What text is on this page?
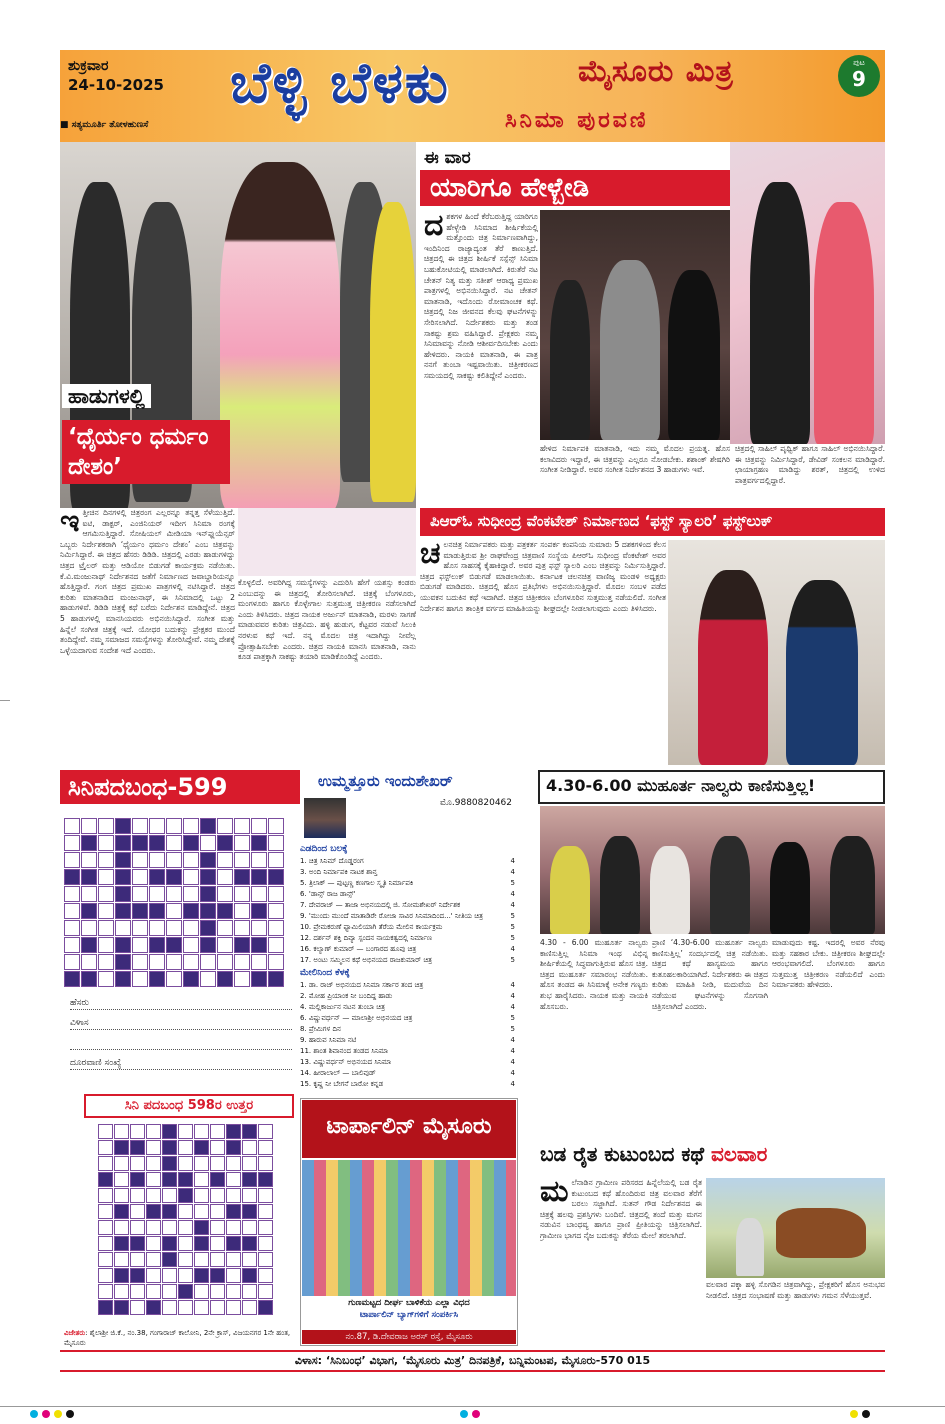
ಶುಕ್ರವಾರ
24-10-2025
■ ಸತ್ಯಮೂರ್ತಿ ತೋಳಹುಣಸೆ
ಬೆಳ್ಳಿ ಬೆಳಕು
ಸಿನಿಮಾ ಪುರವಣಿ
ಮೈಸೂರು ಮಿತ್ರ	ಪುಟ
9
ಹಾಡುಗಳಲ್ಲಿ
‘ಧೈರ್ಯಂ ಧರ್ಮಂ ದೇಶಂ’
ಈ ವಾರ
ಯಾರಿಗೂ ಹೇಳ್ಬೇಡಿ
ದಶಕಗಳ ಹಿಂದೆ ಕೆರೆಬರುತ್ತಿದ್ದ ಯಾರಿಗೂ ಹೇಳ್ಬೇಡಿ ಸಿನಿಮಾದ ಶೀರ್ಷಿಕೆಯಲ್ಲಿ ಮತ್ತೊಂದು ಚಿತ್ರ ನಿರ್ಮಾಣವಾಗಿದ್ದು, ಇಂದಿನಿಂದ ರಾಜ್ಯಾದ್ಯಂತ ತೆರೆ ಕಾಣುತ್ತಿದೆ. ಚಿತ್ರದಲ್ಲಿ ಈ ಚಿತ್ರದ ಶೀರ್ಷಿಕೆ ಸಸ್ಪೆನ್ಸ್ ಸಿನಿಮಾ ಬಹುಕೋಟಿಯಲ್ಲಿ ಮಾಡಲಾಗಿದೆ. ಕಿರುತೆರೆ ನಟ ಚೇತನ್ ನಿತ್ಯ ಮತ್ತು ಸತೀಶ್ ಆರಾಧ್ಯ ಪ್ರಮುಖ ಪಾತ್ರಗಳಲ್ಲಿ ಅಭಿನಯಿಸಿದ್ದಾರೆ. ನಟ ಚೇತನ್ ಮಾತನಾಡಿ, ಇದೊಂದು ರೋಮಾಂಚಕ ಕಥೆ. ಚಿತ್ರದಲ್ಲಿ ನಿಜ ಜೀವನದ ಕೆಲವು ಘಟನೆಗಳನ್ನು ಸೇರಿಸಲಾಗಿದೆ. ನಿರ್ದೇಶಕರು ಮತ್ತು ತಂಡ ಸಾಕಷ್ಟು ಶ್ರಮ ವಹಿಸಿದ್ದಾರೆ. ಪ್ರೇಕ್ಷಕರು ನಮ್ಮ ಸಿನಿಮಾವನ್ನು ನೋಡಿ ಆಶೀರ್ವದಿಸಬೇಕು ಎಂದು ಹೇಳಿದರು. ನಾಯಕಿ ಮಾತನಾಡಿ, ಈ ಪಾತ್ರ ನನಗೆ ತುಂಬಾ ಇಷ್ಟವಾಯಿತು. ಚಿತ್ರೀಕರಣದ ಸಮಯದಲ್ಲಿ ಸಾಕಷ್ಟು ಕಲಿತಿದ್ದೇನೆ ಎಂದರು.
ಹೇಳಿದ ನಿರ್ಮಾಪಕಿ ಮಾತನಾಡಿ, ಇದು ನಮ್ಮ ಮೊದಲ ಪ್ರಯತ್ನ. ಹೊಸ ಕಲಾವಿದರು ಇದ್ದಾರೆ, ಈ ಚಿತ್ರವನ್ನು ಎಲ್ಲರೂ ನೋಡಬೇಕು. ಶಶಾಂಕ್ ಶೇಷಗಿರಿ ಸಂಗೀತ ನೀಡಿದ್ದಾರೆ. ಅವರ ಸಂಗೀತ ನಿರ್ದೇಶನದ 3 ಹಾಡುಗಳು ಇವೆ.
ಚಿತ್ರದಲ್ಲಿ ಸಾಹಿಲ್ ಪೃಥ್ವಿಕ್ ಹಾಗೂ ಸಾಹಿಲ್ ಅಭಿನಯಿಸಿದ್ದಾರೆ. ಈ ಚಿತ್ರವನ್ನು ನಿರ್ಮಿಸಿದ್ದಾರೆ, ಡೇವಿಡ್ ಸಂಕಲನ ಮಾಡಿದ್ದಾರೆ. ಛಾಯಾಗ್ರಹಣ ಮಾಡಿದ್ದು ಶರತ್, ಚಿತ್ರದಲ್ಲಿ ಉಳಿದ ಪಾತ್ರವರ್ಗದಲ್ಲಿದ್ದಾರೆ.
ಇತ್ತೀಚಿನ ದಿನಗಳಲ್ಲಿ ಚಿತ್ರರಂಗ ಎಲ್ಲರನ್ನೂ ತನ್ನತ್ತ ಸೆಳೆಯುತ್ತಿದೆ. ಐಟಿ, ಡಾಕ್ಟರ್, ಎಂಜಿನಿಯರ್ ಇದೀಗ ಸಿನಿಮಾ ರಂಗಕ್ಕೆ ಆಗಮಿಸುತ್ತಿದ್ದಾರೆ. ಸೋಷಿಯಲ್ ಮೀಡಿಯಾ ಇನ್‌ಫ್ಲುಯೆನ್ಸರ್ ಒಬ್ಬರು ನಿರ್ದೇಶಕರಾಗಿ ‘ಧೈರ್ಯಂ ಧರ್ಮಂ ದೇಶಂ’ ಎಂಬ ಚಿತ್ರವನ್ನು ನಿರ್ಮಿಸಿದ್ದಾರೆ. ಈ ಚಿತ್ರದ ಹೆಸರು ಡಿಡಿಡಿ. ಚಿತ್ರದಲ್ಲಿ ಎರಡು ಹಾಡುಗಳಿದ್ದು ಚಿತ್ರದ ಟ್ರೈಲರ್ ಮತ್ತು ಆಡಿಯೋ ಬಿಡುಗಡೆ ಕಾರ್ಯಕ್ರಮ ನಡೆಯಿತು. ಕೆ.ವಿ.ಮಂಜುನಾಥ್ ನಿರ್ದೇಶನದ ಜತೆಗೆ ನಿರ್ಮಾಣದ ಜವಾಬ್ದಾರಿಯನ್ನೂ ಹೊತ್ತಿದ್ದಾರೆ. ಗಂಗ ಚಿತ್ರದ ಪ್ರಮುಖ ಪಾತ್ರಗಳಲ್ಲಿ ನಟಿಸಿದ್ದಾರೆ. ಚಿತ್ರದ ಕುರಿತು ಮಾತನಾಡಿದ ಮಂಜುನಾಥ್, ಈ ಸಿನಿಮಾದಲ್ಲಿ ಒಟ್ಟು 2 ಹಾಡುಗಳಿವೆ. ಡಿಡಿಡಿ ಚಿತ್ರಕ್ಕೆ ಕಥೆ ಬರೆದು ನಿರ್ದೇಶನ ಮಾಡಿದ್ದೇನೆ. ಚಿತ್ರದ 5 ಹಾಡುಗಳಲ್ಲಿ ಮಾನಸಿಯವರು ಅಭಿನಯಿಸಿದ್ದಾರೆ. ಸಂಗೀತ ಮತ್ತು ಹಿನ್ನೆಲೆ ಸಂಗೀತ ಚಿತ್ರಕ್ಕೆ ಇದೆ. ಯೋಧರ ಬದುಕನ್ನು ಪ್ರೇಕ್ಷಕರ ಮುಂದೆ ತಂದಿದ್ದೇವೆ. ನಮ್ಮ ಸಮಾಜದ ಸಮಸ್ಯೆಗಳನ್ನು ತೋರಿಸಿದ್ದೇವೆ. ನಮ್ಮ ದೇಶಕ್ಕೆ ಒಳ್ಳೆಯದಾಗುವ ಸಂದೇಶ ಇದೆ ಎಂದರು.
ಕೊಳ್ಳಲಿದೆ. ಅವರಿಗಿದ್ದ ಸಮಸ್ಯೆಗಳನ್ನು ಎದುರಿಸಿ ಹೇಗೆ ಯಶಸ್ಸು ಕಂಡರು ಎಂಬುದನ್ನು ಈ ಚಿತ್ರದಲ್ಲಿ ತೋರಿಸಲಾಗಿದೆ. ಚಿತ್ರಕ್ಕೆ ಬೆಂಗಳೂರು, ಮಂಗಳೂರು ಹಾಗೂ ಕೊಳ್ಳೇಗಾಲ ಸುತ್ತಮುತ್ತ ಚಿತ್ರೀಕರಣ ನಡೆಸಲಾಗಿದೆ ಎಂದು ತಿಳಿಸಿದರು. ಚಿತ್ರದ ನಾಯಕ ಅರ್ಜುನ್ ಮಾತನಾಡಿ, ಮರಳು ಸಾಗಣೆ ಮಾಡುವವರ ಕುರಿತು ಚಿತ್ರವಿದು. ಹಳ್ಳಿ ಹುಡುಗ, ಕೆಟ್ಟವರ ನಡುವೆ ಸಿಲುಕಿ ನರಳುವ ಕಥೆ ಇದೆ. ನನ್ನ ಮೊದಲ ಚಿತ್ರ ಇದಾಗಿದ್ದು ನೀವೆಲ್ಲ ಪ್ರೋತ್ಸಾಹಿಸಬೇಕು ಎಂದರು. ಚಿತ್ರದ ನಾಯಕಿ ಮಾನಸಿ ಮಾತನಾಡಿ, ನಾನು ಕೂಡ ಪಾತ್ರಕ್ಕಾಗಿ ಸಾಕಷ್ಟು ತಯಾರಿ ಮಾಡಿಕೊಂಡಿದ್ದೆ ಎಂದರು.
ಪಿಆರ್‌ಓ ಸುಧೀಂದ್ರ ವೆಂಕಟೇಶ್ ನಿರ್ಮಾಣದ ‘ಫಸ್ಟ್ ಸ್ಯಾಲರಿ’ ಫಸ್ಟ್‌ಲುಕ್
ಚಲನಚಿತ್ರ ನಿರ್ಮಾಪಕರು ಮತ್ತು ಪತ್ರಕರ್ತ ಸಂಪರ್ಕ ಕಂಪನಿಯ ಸುಮಾರು 5 ದಶಕಗಳಿಂದ ಕೆಲಸ ಮಾಡುತ್ತಿರುವ ಶ್ರೀ ರಾಘವೇಂದ್ರ ಚಿತ್ರವಾಣಿ ಸಂಸ್ಥೆಯ ಪಿಆರ್‌ಓ ಸುಧೀಂದ್ರ ವೆಂಕಟೇಶ್ ಅವರ ಹೊಸ ಸಾಹಸಕ್ಕೆ ಕೈಹಾಕಿದ್ದಾರೆ. ಅವರ ಪುತ್ರ ಫಸ್ಟ್ ಸ್ಯಾಲರಿ ಎಂಬ ಚಿತ್ರವನ್ನು ನಿರ್ಮಿಸುತ್ತಿದ್ದಾರೆ. ಚಿತ್ರದ ಫಸ್ಟ್‌ಲುಕ್ ಬಿಡುಗಡೆ ಮಾಡಲಾಯಿತು. ಕರ್ನಾಟಕ ಚಲನಚಿತ್ರ ವಾಣಿಜ್ಯ ಮಂಡಳಿ ಅಧ್ಯಕ್ಷರು ಬಿಡುಗಡೆ ಮಾಡಿದರು. ಚಿತ್ರದಲ್ಲಿ ಹೊಸ ಪ್ರತಿಭೆಗಳು ಅಭಿನಯಿಸುತ್ತಿದ್ದಾರೆ. ಮೊದಲ ಸಂಬಳ ಪಡೆದ ಯುವಕನ ಬದುಕಿನ ಕಥೆ ಇದಾಗಿದೆ. ಚಿತ್ರದ ಚಿತ್ರೀಕರಣ ಬೆಂಗಳೂರಿನ ಸುತ್ತಮುತ್ತ ನಡೆಯಲಿದೆ. ಸಂಗೀತ ನಿರ್ದೇಶನ ಹಾಗೂ ತಾಂತ್ರಿಕ ವರ್ಗದ ಮಾಹಿತಿಯನ್ನು ಶೀಘ್ರದಲ್ಲೇ ನೀಡಲಾಗುವುದು ಎಂದು ತಿಳಿಸಿದರು.
ಸಿನಿಪದಬಂಧ-599	ಉಮ್ಮತ್ತೂರು ಇಂದುಶೇಖರ್
ಮೊ.9880820462
ಎಡದಿಂದ ಬಲಕ್ಕೆ
1. ಚಿತ್ರ ಸಿನಿಮ್ ದೊಡ್ಡರಂಗ	4
3. ಅಂದಿ ನಿರ್ಮಾಪಕಿ ನಾಟಕ ಶಾನ್ತ	4
5. ತ್ರಿಲಾಕ್ — ಪುಟ್ಟಣ್ಣ ಕಣಗಾಲ ಸ್ಮೃತಿ ನಿರ್ಮಾಪಕಿ	5
6. 'ಡಾನ್ಸ್ ರಾಜ ಡಾನ್ಸ್'	4
7. ದೇವರಾಜ್ — ತಾಜಾ ಅಭಿನಯದಲ್ಲಿ ಜಿ. ಸೋಮಶೇಖರ್ ನಿರ್ದೇಶಕ	4
9. 'ಮುಂದು ಮುಂದೆ ಮಾತಾಡಿರೇ ರೋಜಾ ಸಾವಿರ ಸಿನಿಮಾದಿಂದ...' ನೀತಿಯ ಚಿತ್ರ	5
10. ಪ್ರೇಮಕರುಣೆ ಫ್ಯಾಮಿಲಿಯಾಗಿ ತೆರೆಯ ಮೇಲಿನ ಕಾರ್ಯಕ್ರಮ	5
12. ದರ್ಶನ್ ಶಕ್ತಿ ದಿವ್ಯಾ ಸ್ಪಂದನ ನಾಯಕತ್ವದಲ್ಲಿ ನಿರ್ಮಾಣ	5
16. ಕಲ್ಯಾಣ್ ಕುಮಾರ್ — ಬಂಗಾರದ ಹೂವು ಚಿತ್ರ	4
17. ಅಂಟು ಸಮ್ಮಿಲನ ಕಥೆ ಅಭಿನಯದ ರಾಜಕುಮಾರ್ ಚಿತ್ರ	5
ಮೇಲಿನಿಂದ ಕೆಳಕ್ಕೆ
1. ಡಾ. ರಾಜ್ ಅಭಿನಯದ ಸಿನಿಮಾ ಸರ್ಕಾರ ತಂದ ಚಿತ್ರ	4
2. ಮೋಹ ಪ್ರಿಯಾಂಕ ನೀ ಬಂದಿದ್ದ ಹಾಡು	4
4. ಮಲ್ಲಿಕಾರ್ಜುನ ನಟನ ತುಂಬಾ ಚಿತ್ರ	4
6. ವಿಷ್ಣುವರ್ಧನ್ — ಮಾಲಾಶ್ರೀ ಅಭಿನಯದ ಚಿತ್ರ	5
8. ಪ್ರೇಮಿಗಳ ದಿನ	5
9. ಹಾರುವ ಸಿನಿಮಾ ನಟಿ	4
11. ಶಾಂತ ಶಿವಾನಂದ ತಂಡದ ಸಿನಿಮಾ	4
13. ವಿಷ್ಣುವರ್ಧನ್ ಅಭಿನಯದ ಸಿನಿಮಾ	4
14. ಹೀರಾಲಾಲ್ — ಬಾಲಿವುಡ್	4
15. ಕೃಷ್ಣ ನೀ ಬೇಗನೆ ಬಾರೋ ಕನ್ನಡ	4
ಹೆಸರು
ವಿಳಾಸ
ದೂರವಾಣಿ ಸಂಖ್ಯೆ
ಸಿನಿ ಪದಬಂಧ 598ರ ಉತ್ತರ
ವಿಜೇತರು: ಶೈಲಾಶ್ರೀ ಜಿ.ಕೆ., ನಂ.38, ಗಂಗಾರಾಜ್ ಕಾಲೋನಿ, 2ನೇ ಕ್ರಾಸ್, ವಿಜಯನಗರ 1ನೇ ಹಂತ, ಮೈಸೂರು
ಟಾರ್ಪಾಲಿನ್ ಮೈಸೂರು
ಗುಣಮಟ್ಟದ ದೀರ್ಘ ಬಾಳಿಕೆಯ ಎಲ್ಲಾ ವಿಧದ
ಟಾರ್ಪಾಲಿನ್ ಬ್ಯಾಗ್‌ಗಳಿಗೆ ಸಂಪರ್ಕಿಸಿ
ನಂ.87, ಡಿ.ದೇವರಾಜ ಅರಸ್ ರಸ್ತೆ, ಮೈಸೂರು
4.30-6.00 ಮುಹೂರ್ತ ನಾಲ್ವರು ಕಾಣಿಸುತ್ತಿಲ್ಲ!
4.30 - 6.00 ಮುಹೂರ್ತ ನಾಲ್ವರು ಕಾಣಿಸುತ್ತಿಲ್ಲ ಸಿನಿಮಾ ಇಂಥ ವಿಭಿನ್ನ ಶೀರ್ಷಿಕೆಯಲ್ಲಿ ಸಿದ್ಧವಾಗುತ್ತಿರುವ ಹೊಸ ಚಿತ್ರ. ಚಿತ್ರದ ಮುಹೂರ್ತ ಸಮಾರಂಭ ನಡೆಯಿತು. ಹೊಸ ತಂಡದ ಈ ಸಿನಿಮಾಕ್ಕೆ ಅನೇಕ ಗಣ್ಯರು ಶುಭ ಹಾರೈಸಿದರು. ನಾಯಕ ಮತ್ತು ನಾಯಕಿ ಹೊಸಬರು.
ಪ್ರಾಣಿ ‘4.30-6.00 ಮುಹೂರ್ತ ನಾಲ್ವರು ಕಾಣಿಸುತ್ತಿಲ್ಲ’ ಸಂದರ್ಭದಲ್ಲಿ ಚಿತ್ರ ನಡೆಯಿತು. ಚಿತ್ರದ ಕಥೆ ಹಾಸ್ಯಮಯ ಹಾಗೂ ಕುತೂಹಲಕಾರಿಯಾಗಿದೆ. ನಿರ್ದೇಶಕರು ಈ ಚಿತ್ರದ ಕುರಿತು ಮಾಹಿತಿ ನೀಡಿ, ಮದುವೆಯ ದಿನ ನಡೆಯುವ ಘಟನೆಗಳನ್ನು ಸೊಗಸಾಗಿ ಚಿತ್ರಿಸಲಾಗಿದೆ ಎಂದರು.
ಮಾಡುವುದು ಕಷ್ಟ. ಇದರಲ್ಲಿ ಅವರ ನೆರವು ಮತ್ತು ಸಹಕಾರ ಬೇಕು. ಚಿತ್ರೀಕರಣ ಶೀಘ್ರದಲ್ಲೇ ಆರಂಭವಾಗಲಿದೆ. ಬೆಂಗಳೂರು ಹಾಗೂ ಸುತ್ತಮುತ್ತ ಚಿತ್ರೀಕರಣ ನಡೆಯಲಿದೆ ಎಂದು ನಿರ್ಮಾಪಕರು ಹೇಳಿದರು.
ಬಡ ರೈತ ಕುಟುಂಬದ ಕಥೆ ವಲವಾರ
ಮಲೆನಾಡಿನ ಗ್ರಾಮೀಣ ಪರಿಸರದ ಹಿನ್ನೆಲೆಯಲ್ಲಿ ಬಡ ರೈತ ಕುಟುಂಬದ ಕಥೆ ಹೊಂದಿರುವ ಚಿತ್ರ ವಲವಾರ ತೆರೆಗೆ ಬರಲು ಸಜ್ಜಾಗಿದೆ. ಸುತನ್ ಗೌಡ ನಿರ್ದೇಶನದ ಈ ಚಿತ್ರಕ್ಕೆ ಹಲವು ಪ್ರಶಸ್ತಿಗಳು ಬಂದಿವೆ. ಚಿತ್ರದಲ್ಲಿ ತಂದೆ ಮತ್ತು ಮಗನ ನಡುವಿನ ಬಾಂಧವ್ಯ ಹಾಗೂ ಪ್ರಾಣಿ ಪ್ರೀತಿಯನ್ನು ಚಿತ್ರಿಸಲಾಗಿದೆ. ಗ್ರಾಮೀಣ ಭಾಗದ ನೈಜ ಬದುಕನ್ನು ತೆರೆಯ ಮೇಲೆ ತರಲಾಗಿದೆ.
ವಲವಾರ ಪಕ್ಕಾ ಹಳ್ಳಿ ಸೊಗಡಿನ ಚಿತ್ರವಾಗಿದ್ದು, ಪ್ರೇಕ್ಷಕರಿಗೆ ಹೊಸ ಅನುಭವ ನೀಡಲಿದೆ. ಚಿತ್ರದ ಸಂಭಾಷಣೆ ಮತ್ತು ಹಾಡುಗಳು ಗಮನ ಸೆಳೆಯುತ್ತವೆ.
ವಿಳಾಸ: ‘ಸಿನಿಬಂಧ’ ವಿಭಾಗ, ‘ಮೈಸೂರು ಮಿತ್ರ’ ದಿನಪತ್ರಿಕೆ, ಬನ್ನಿಮಂಟಪ, ಮೈಸೂರು-570 015
